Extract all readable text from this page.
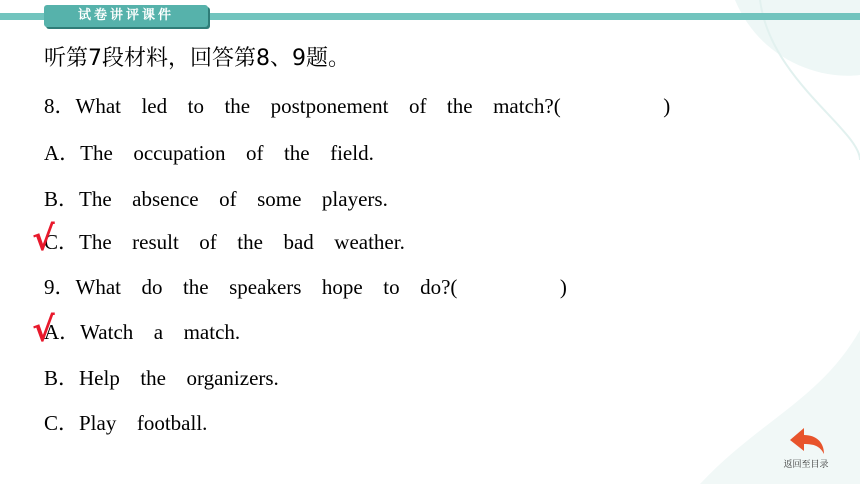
试卷讲评课件
听第7段材料，回答第8、9题。
8．What  led  to  the  postponement  of  the  match?(          )
A．The  occupation  of  the  field.
B．The  absence  of  some  players.
C．The  result  of  the  bad  weather.
9．What  do  the  speakers  hope  to  do?(          )
A．Watch  a  match.
B．Help  the  organizers.
C．Play  football.
√
√
返回至目录
